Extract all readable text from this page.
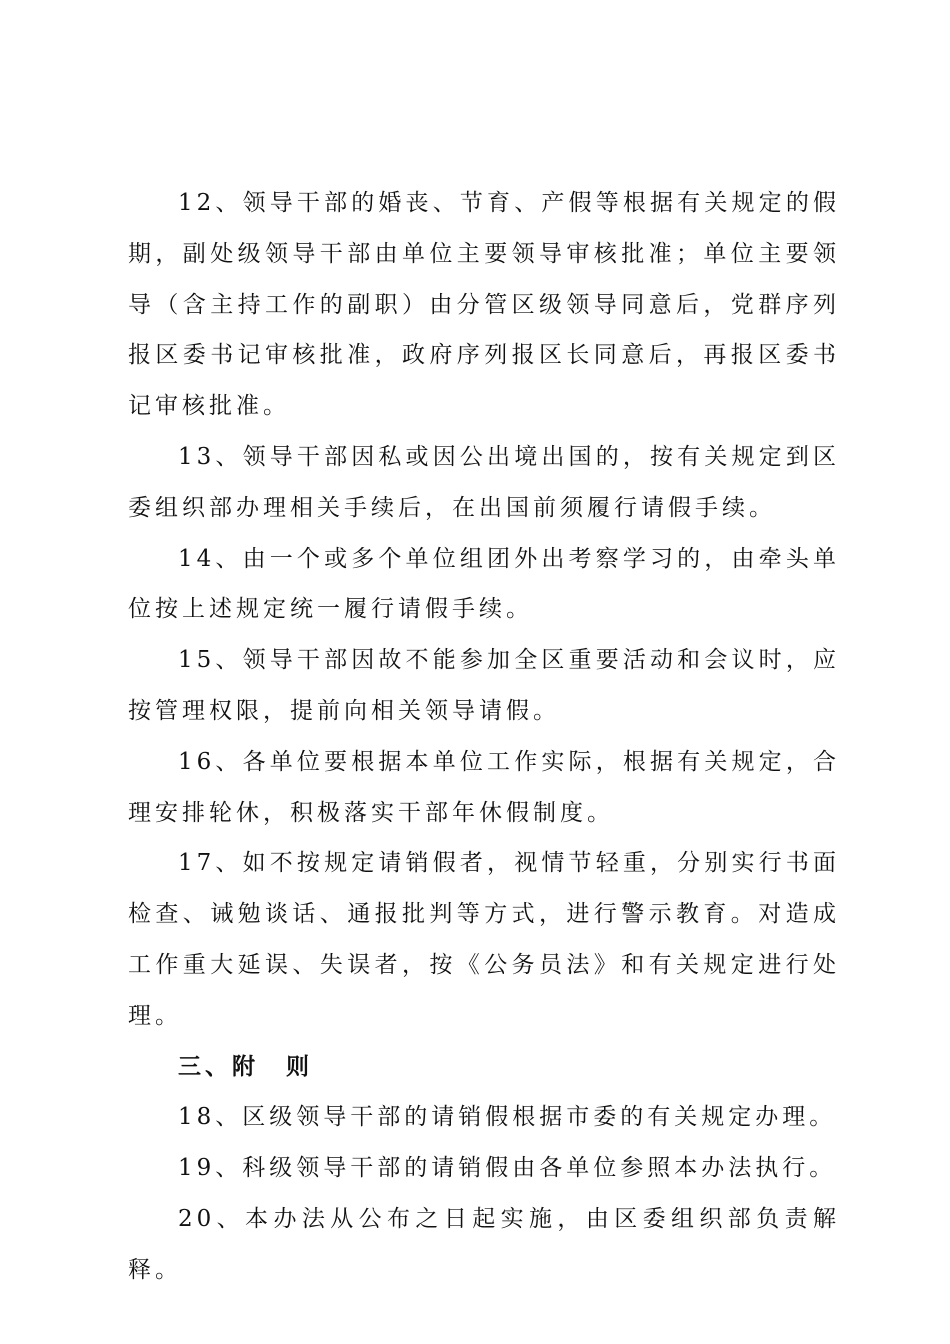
12、领导干部的婚丧、节育、产假等根据有关规定的假期，副处级领导干部由单位主要领导审核批准；单位主要领导（含主持工作的副职）由分管区级领导同意后，党群序列报区委书记审核批准，政府序列报区长同意后，再报区委书记审核批准。

13、领导干部因私或因公出境出国的，按有关规定到区委组织部办理相关手续后，在出国前须履行请假手续。

14、由一个或多个单位组团外出考察学习的，由牵头单位按上述规定统一履行请假手续。

15、领导干部因故不能参加全区重要活动和会议时，应按管理权限，提前向相关领导请假。

16、各单位要根据本单位工作实际，根据有关规定，合理安排轮休，积极落实干部年休假制度。

17、如不按规定请销假者，视情节轻重，分别实行书面检查、诫勉谈话、通报批判等方式，进行警示教育。对造成工作重大延误、失误者，按《公务员法》和有关规定进行处理。

三、附　则

18、区级领导干部的请销假根据市委的有关规定办理。

19、科级领导干部的请销假由各单位参照本办法执行。

20、本办法从公布之日起实施，由区委组织部负责解释。
